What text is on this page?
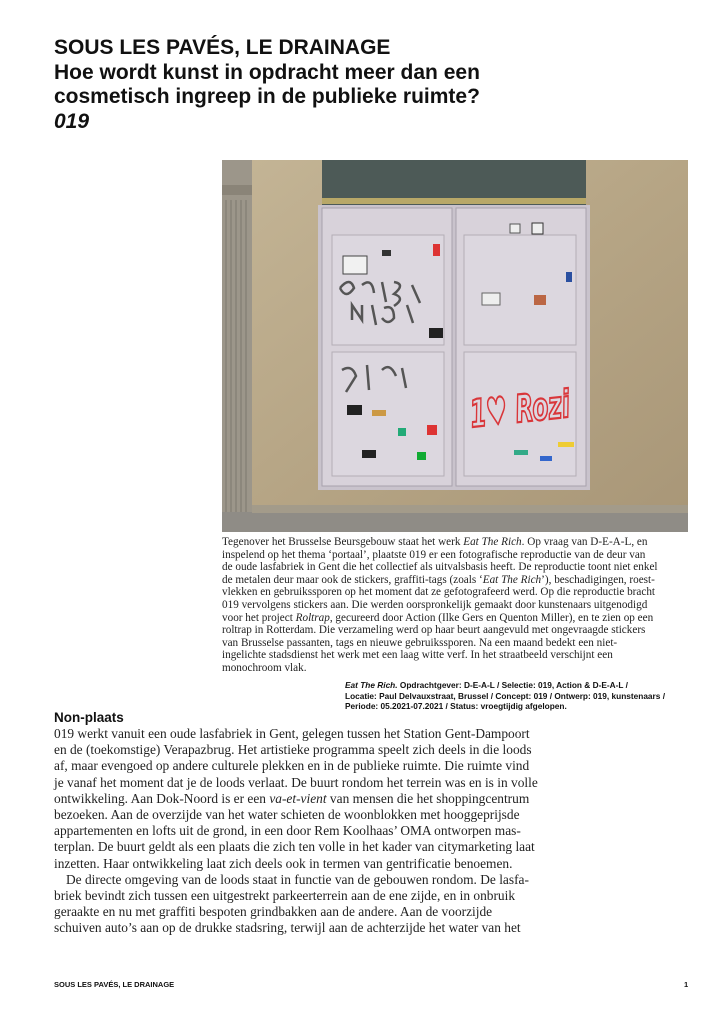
SOUS LES PAVÉS, LE DRAINAGE
Hoe wordt kunst in opdracht meer dan een
cosmetisch ingreep in de publieke ruimte?
019
1♥ Rozi
Tegenover het Brusselse Beursgebouw staat het werk Eat The Rich. Op vraag van D-E-A-L, en
inspelend op het thema ‘portaal’, plaatste 019 er een fotografische reproductie van de deur van
de oude lasfabriek in Gent die het collectief als uitvalsbasis heeft. De reproductie toont niet enkel
de metalen deur maar ook de stickers, graffiti-tags (zoals ‘Eat The Rich’), beschadigingen, roest-
vlekken en gebruikssporen op het moment dat ze gefotografeerd werd. Op die reproductie bracht
019 vervolgens stickers aan. Die werden oorspronkelijk gemaakt door kunstenaars uitgenodigd
voor het project Roltrap, gecureerd door Action (Ilke Gers en Quenton Miller), en te zien op een
roltrap in Rotterdam. Die verzameling werd op haar beurt aangevuld met ongevraagde stickers
van Brusselse passanten, tags en nieuwe gebruikssporen. Na een maand bedekt een niet-
ingelichte stadsdienst het werk met een laag witte verf. In het straatbeeld verschijnt een
monochroom vlak.
Eat The Rich. Opdrachtgever: D-E-A-L / Selectie: 019, Action & D-E-A-L /
Locatie: Paul Delvauxstraat, Brussel / Concept: 019 / Ontwerp: 019, kunstenaars /
Periode: 05.2021-07.2021 / Status: vroegtijdig afgelopen.
Non-plaats
019 werkt vanuit een oude lasfabriek in Gent, gelegen tussen het Station Gent-Dampoort
en de (toekomstige) Verapazbrug. Het artistieke programma speelt zich deels in die loods
af, maar evengoed op andere culturele plekken en in de publieke ruimte. Die ruimte vind
je vanaf het moment dat je de loods verlaat. De buurt rondom het terrein was en is in volle
ontwikkeling. Aan Dok-Noord is er een va-et-vient van mensen die het shoppingcentrum
bezoeken. Aan de overzijde van het water schieten de woonblokken met hooggeprijsde
appartementen en lofts uit de grond, in een door Rem Koolhaas’ OMA ontworpen mas-
terplan. De buurt geldt als een plaats die zich ten volle in het kader van citymarketing laat
inzetten. Haar ontwikkeling laat zich deels ook in termen van gentrificatie benoemen.
De directe omgeving van de loods staat in functie van de gebouwen rondom. De lasfa-
briek bevindt zich tussen een uitgestrekt parkeerterrein aan de ene zijde, en in onbruik
geraakte en nu met graffiti bespoten grindbakken aan de andere. Aan de voorzijde
schuiven auto’s aan op de drukke stadsring, terwijl aan de achterzijde het water van het
SOUS LES PAVÉS, LE DRAINAGE	1
